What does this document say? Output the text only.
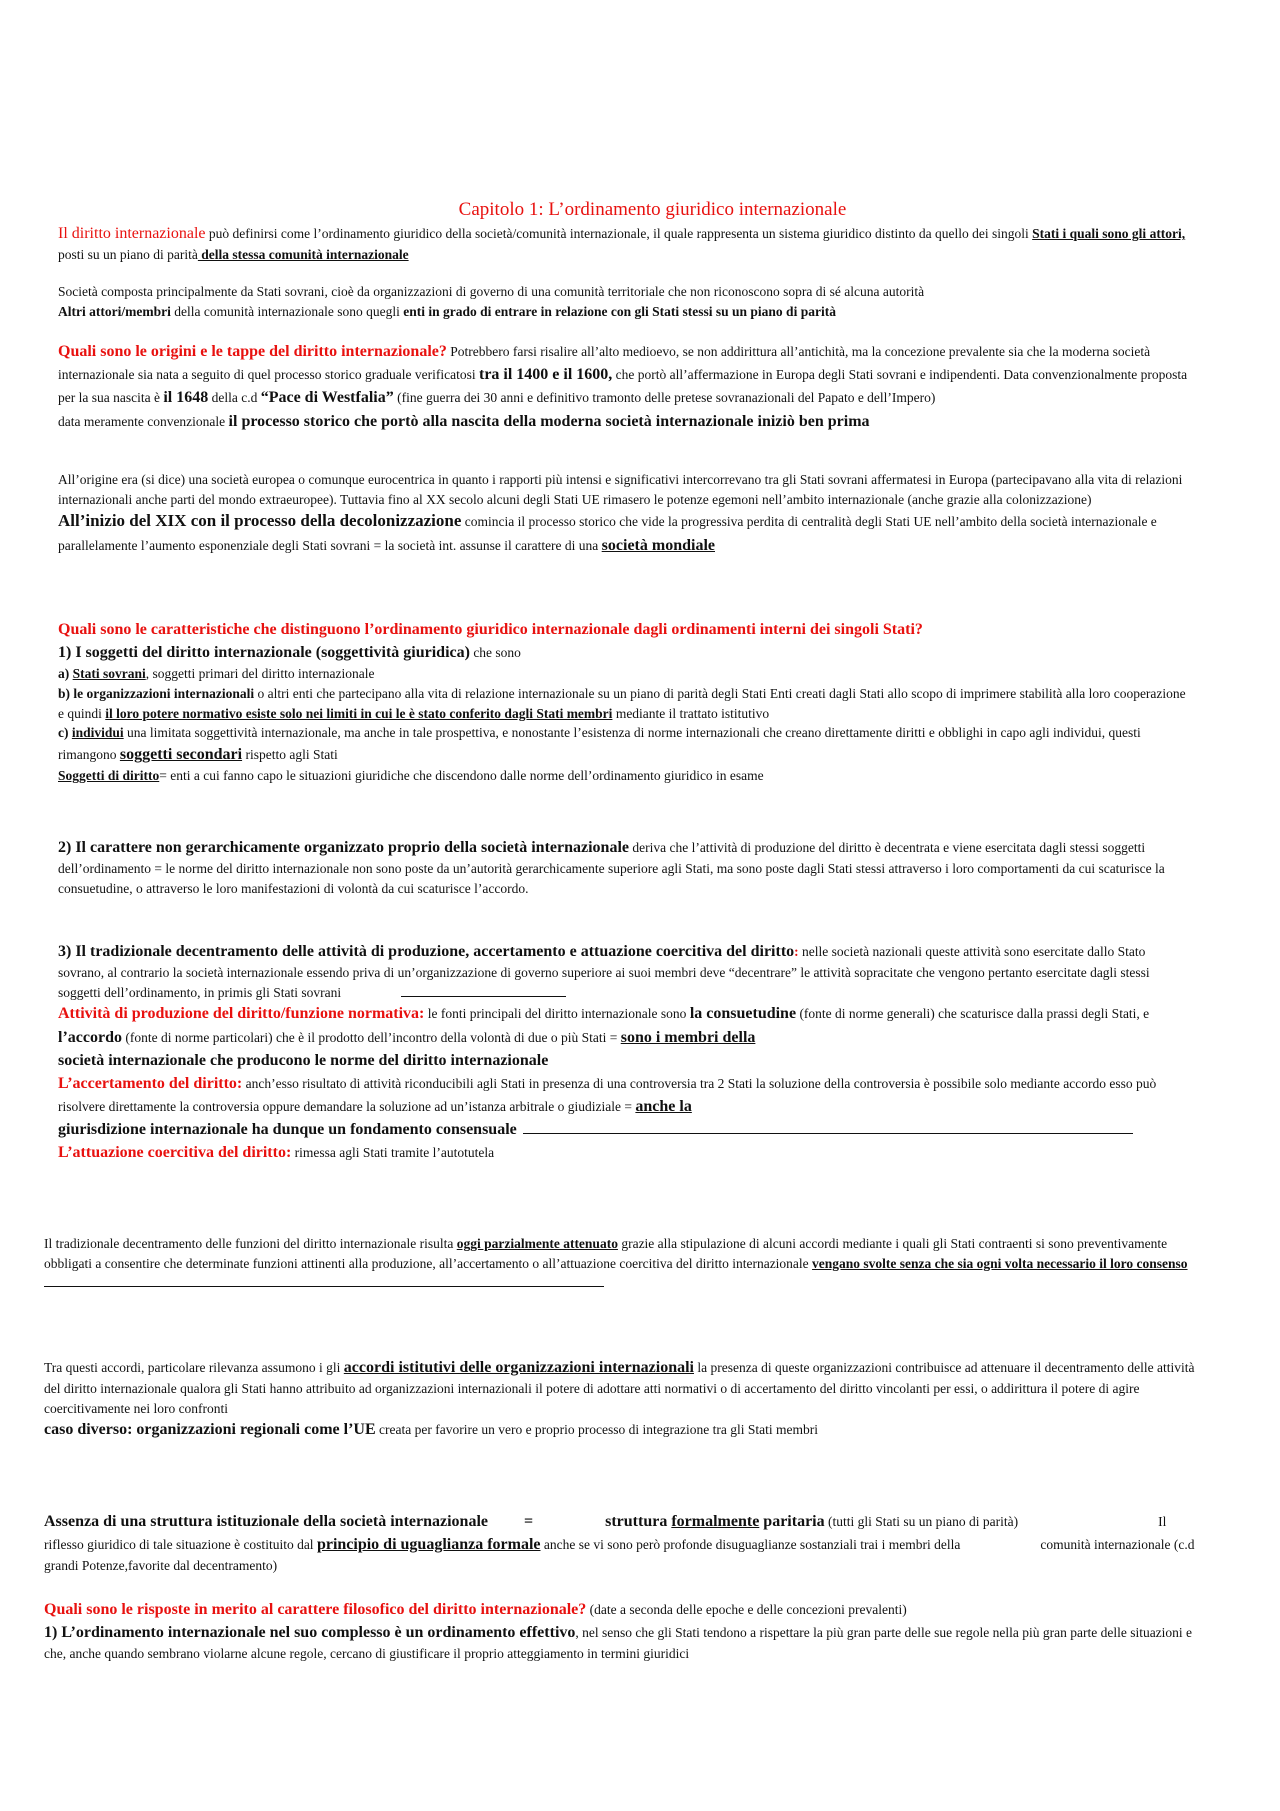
Capitolo 1: L’ordinamento giuridico internazionale

Il diritto internazionale può definirsi come l’ordinamento giuridico della società/comunità internazionale, il quale rappresenta un sistema giuridico distinto da quello dei singoli Stati i quali sono gli attori, posti su un piano di parità della stessa comunità internazionale

Società composta principalmente da Stati sovrani, cioè da organizzazioni di governo di una comunità territoriale che non riconoscono sopra di sé alcuna autorità
Altri attori/membri della comunità internazionale sono quegli enti in grado di entrare in relazione con gli Stati stessi su un piano di parità

Quali sono le origini e le tappe del diritto internazionale? Potrebbero farsi risalire all’alto medioevo, se non addirittura all’antichità, ma la concezione prevalente sia che la moderna società internazionale sia nata a seguito di quel processo storico graduale verificatosi tra il 1400 e il 1600, che portò all’affermazione in Europa degli Stati sovrani e indipendenti. Data convenzionalmente proposta per la sua nascita è il 1648 della c.d “Pace di Westfalia” (fine guerra dei 30 anni e definitivo tramonto delle pretese sovranazionali del Papato e dell’Impero)
data meramente convenzionale il processo storico che portò alla nascita della moderna società internazionale iniziò ben prima

All’origine era (si dice) una società europea o comunque eurocentrica in quanto i rapporti più intensi e significativi intercorrevano tra gli Stati sovrani affermatesi in Europa (partecipavano alla vita di relazioni internazionali anche parti del mondo extraeuropee). Tuttavia fino al XX secolo alcuni degli Stati UE rimasero le potenze egemoni nell’ambito internazionale (anche grazie alla colonizzazione)
All’inizio del XIX con il processo della decolonizzazione comincia il processo storico che vide la progressiva perdita di centralità degli Stati UE nell’ambito della società internazionale e parallelamente l’aumento esponenziale degli Stati sovrani = la società int. assunse il carattere di una società mondiale

Quali sono le caratteristiche che distinguono l’ordinamento giuridico internazionale dagli ordinamenti interni dei singoli Stati?
1) I soggetti del diritto internazionale (soggettività giuridica) che sono
a) Stati sovrani, soggetti primari del diritto internazionale
b) le organizzazioni internazionali o altri enti che partecipano alla vita di relazione internazionale su un piano di parità degli Stati Enti creati dagli Stati allo scopo di imprimere stabilità alla loro cooperazione e quindi il loro potere normativo esiste solo nei limiti in cui le è stato conferito dagli Stati membri mediante il trattato istitutivo
c) individui una limitata soggettività internazionale, ma anche in tale prospettiva, e nonostante l’esistenza di norme internazionali che creano direttamente diritti e obblighi in capo agli individui, questi rimangono soggetti secondari rispetto agli Stati
Soggetti di diritto= enti a cui fanno capo le situazioni giuridiche che discendono dalle norme dell’ordinamento giuridico in esame

2) Il carattere non gerarchicamente organizzato proprio della società internazionale deriva che l’attività di produzione del diritto è decentrata e viene esercitata dagli stessi soggetti dell’ordinamento = le norme del diritto internazionale non sono poste da un’autorità gerarchicamente superiore agli Stati, ma sono poste dagli Stati stessi attraverso i loro comportamenti da cui scaturisce la consuetudine, o attraverso le loro manifestazioni di volontà da cui scaturisce l’accordo.

3) Il tradizionale decentramento delle attività di produzione, accertamento e attuazione coercitiva del diritto: nelle società nazionali queste attività sono esercitate dallo Stato sovrano, al contrario la società internazionale essendo priva di un’organizzazione di governo superiore ai suoi membri deve “decentrare” le attività sopracitate che vengono pertanto esercitate dagli stessi soggetti dell’ordinamento, in primis gli Stati sovrani
Attività di produzione del diritto/funzione normativa: le fonti principali del diritto internazionale sono la consuetudine (fonte di norme generali) che scaturisce dalla prassi degli Stati, e l’accordo (fonte di norme particolari) che è il prodotto dell’incontro della volontà di due o più Stati = sono i membri della
società internazionale che producono le norme del diritto internazionale
L’accertamento del diritto: anch’esso risultato di attività riconducibili agli Stati in presenza di una controversia tra 2 Stati la soluzione della controversia è possibile solo mediante accordo esso può risolvere direttamente la controversia oppure demandare la soluzione ad un’istanza arbitrale o giudiziale = anche la
giurisdizione internazionale ha dunque un fondamento consensuale
L’attuazione coercitiva del diritto: rimessa agli Stati tramite l’autotutela

Il tradizionale decentramento delle funzioni del diritto internazionale risulta oggi parzialmente attenuato grazie alla stipulazione di alcuni accordi mediante i quali gli Stati contraenti si sono preventivamente obbligati a consentire che determinate funzioni attinenti alla produzione, all’accertamento o all’attuazione coercitiva del diritto internazionale vengano svolte senza che sia ogni volta necessario il loro consenso

Tra questi accordi, particolare rilevanza assumono i gli accordi istitutivi delle organizzazioni internazionali la presenza di queste organizzazioni contribuisce ad attenuare il decentramento delle attività del diritto internazionale qualora gli Stati hanno attribuito ad organizzazioni internazionali il potere di adottare atti normativi o di accertamento del diritto vincolanti per essi, o addirittura il potere di agire coercitivamente nei loro confronti
caso diverso: organizzazioni regionali come l’UE creata per favorire un vero e proprio processo di integrazione tra gli Stati membri

Assenza di una struttura istituzionale della società internazionale =	struttura formalmente paritaria (tutti gli Stati su un piano di parità)	Il riflesso giuridico di tale situazione è costituito dal principio di uguaglianza formale anche se vi sono però profonde disuguaglianze sostanziali trai i membri della	comunità internazionale (c.d grandi Potenze,favorite dal decentramento)

Quali sono le risposte in merito al carattere filosofico del diritto internazionale? (date a seconda delle epoche e delle concezioni prevalenti)
1) L’ordinamento internazionale nel suo complesso è un ordinamento effettivo, nel senso che gli Stati tendono a rispettare la più gran parte delle sue regole nella più gran parte delle situazioni e che, anche quando sembrano violarne alcune regole, cercano di giustificare il proprio atteggiamento in termini giuridici
